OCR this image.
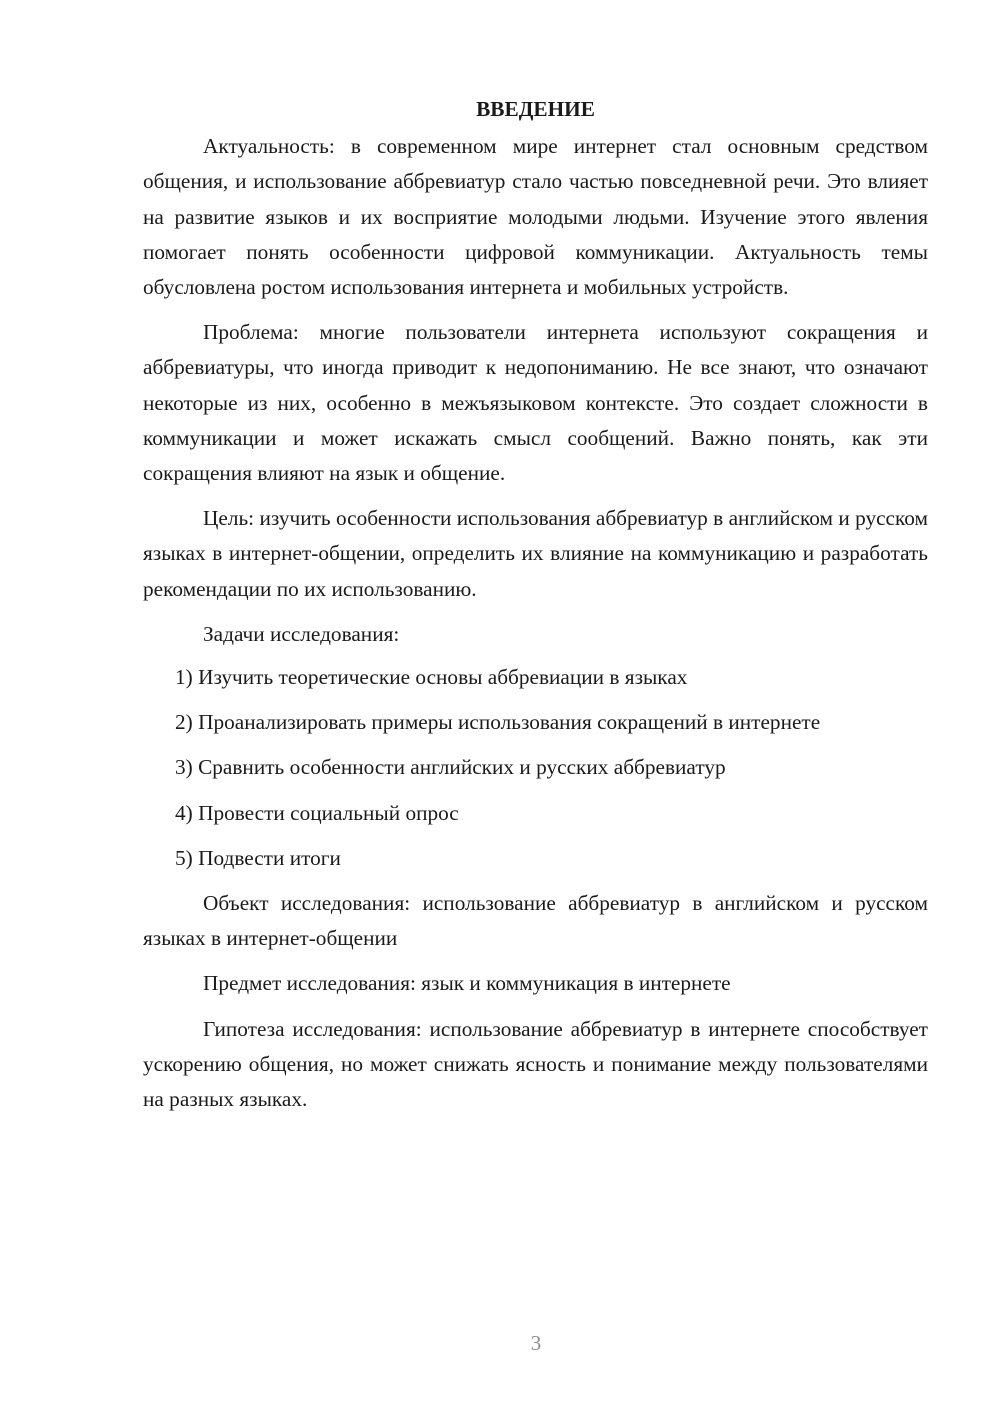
ВВЕДЕНИЕ

Актуальность: в современном мире интернет стал основным средством общения, и использование аббревиатур стало частью повседневной речи. Это влияет на развитие языков и их восприятие молодыми людьми. Изучение этого явления помогает понять особенности цифровой коммуникации. Актуальность темы обусловлена ростом использования интернета и мобильных устройств.

Проблема: многие пользователи интернета используют сокращения и аббревиатуры, что иногда приводит к недопониманию. Не все знают, что означают некоторые из них, особенно в межъязыковом контексте. Это создает сложности в коммуникации и может искажать смысл сообщений. Важно понять, как эти сокращения влияют на язык и общение.

Цель: изучить особенности использования аббревиатур в английском и русском языках в интернет-общении, определить их влияние на коммуникацию и разработать рекомендации по их использованию.

Задачи исследования:

1) Изучить теоретические основы аббревиации в языках

2) Проанализировать примеры использования сокращений в интернете

3) Сравнить особенности английских и русских аббревиатур

4) Провести социальный опрос

5) Подвести итоги

Объект исследования: использование аббревиатур в английском и русском языках в интернет-общении

Предмет исследования: язык и коммуникация в интернете

Гипотеза исследования: использование аббревиатур в интернете способствует ускорению общения, но может снижать ясность и понимание между пользователями на разных языках.

3
